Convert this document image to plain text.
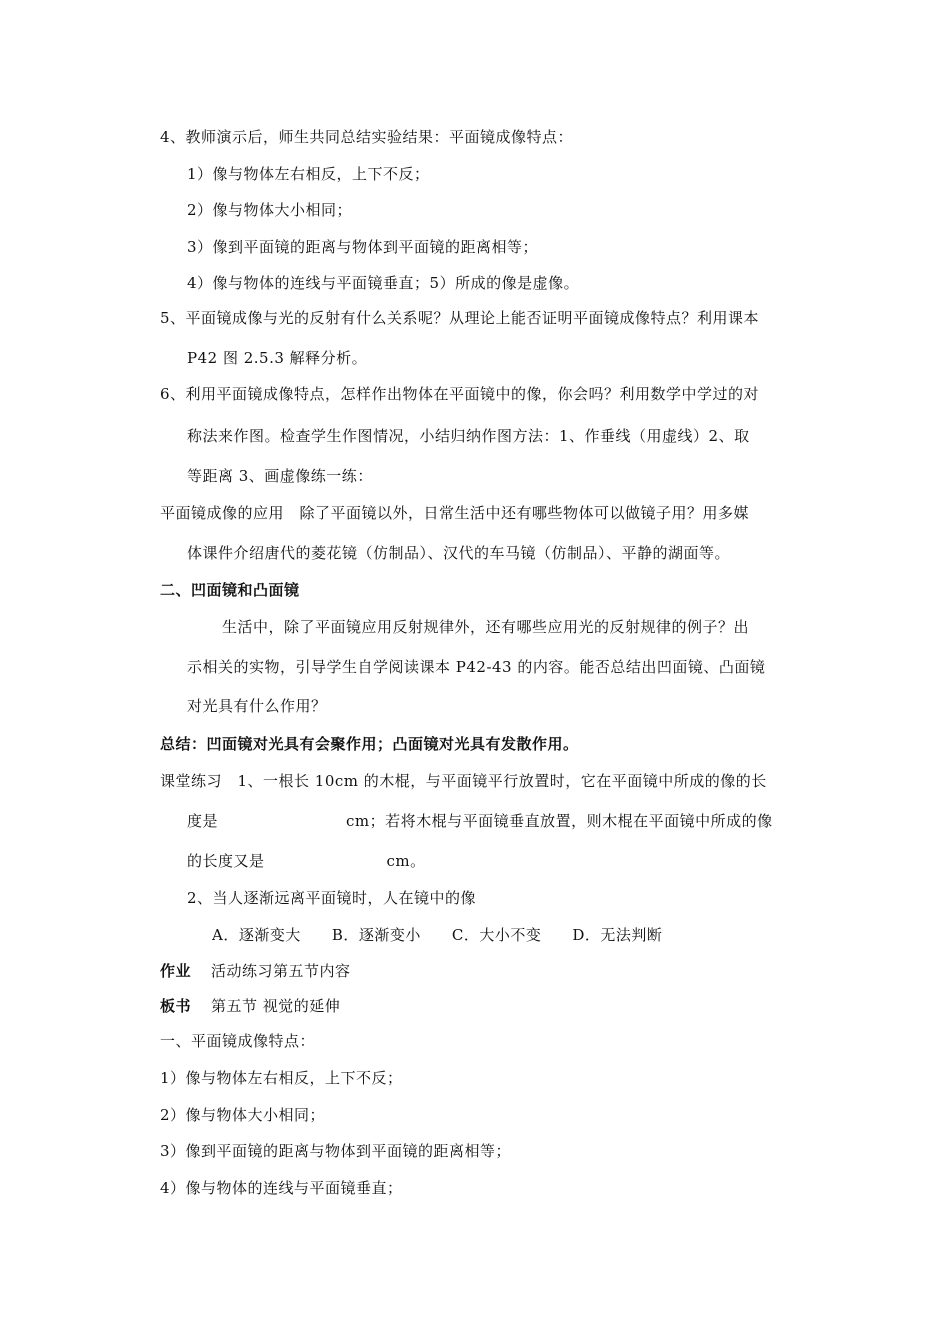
4、教师演示后，师生共同总结实验结果：平面镜成像特点：
1）像与物体左右相反，上下不反；
2）像与物体大小相同；
3）像到平面镜的距离与物体到平面镜的距离相等；
4）像与物体的连线与平面镜垂直；5）所成的像是虚像。
5、平面镜成像与光的反射有什么关系呢？从理论上能否证明平面镜成像特点？利用课本
P42 图 2.5.3 解释分析。
6、利用平面镜成像特点，怎样作出物体在平面镜中的像，你会吗？利用数学中学过的对
称法来作图。检查学生作图情况，小结归纳作图方法：1、作垂线（用虚线）2、取
等距离 3、画虚像练一练：
平面镜成像的应用　除了平面镜以外，日常生活中还有哪些物体可以做镜子用？用多媒
体课件介绍唐代的菱花镜（仿制品）、汉代的车马镜（仿制品）、平静的湖面等。
二、凹面镜和凸面镜
生活中，除了平面镜应用反射规律外，还有哪些应用光的反射规律的例子？出
示相关的实物，引导学生自学阅读课本 P42-43 的内容。能否总结出凹面镜、凸面镜
对光具有什么作用？
总结：凹面镜对光具有会聚作用；凸面镜对光具有发散作用。
课堂练习　1、一根长 10cm 的木棍，与平面镜平行放置时，它在平面镜中所成的像的长
度是	cm；若将木棍与平面镜垂直放置，则木棍在平面镜中所成的像
的长度又是	cm。
2、当人逐渐远离平面镜时，人在镜中的像
A．逐渐变大　　B．逐渐变小　　C．大小不变　　D．无法判断
作业 活动练习第五节内容
板书 第五节 视觉的延伸
一、平面镜成像特点：
1）像与物体左右相反，上下不反；
2）像与物体大小相同；
3）像到平面镜的距离与物体到平面镜的距离相等；
4）像与物体的连线与平面镜垂直；
